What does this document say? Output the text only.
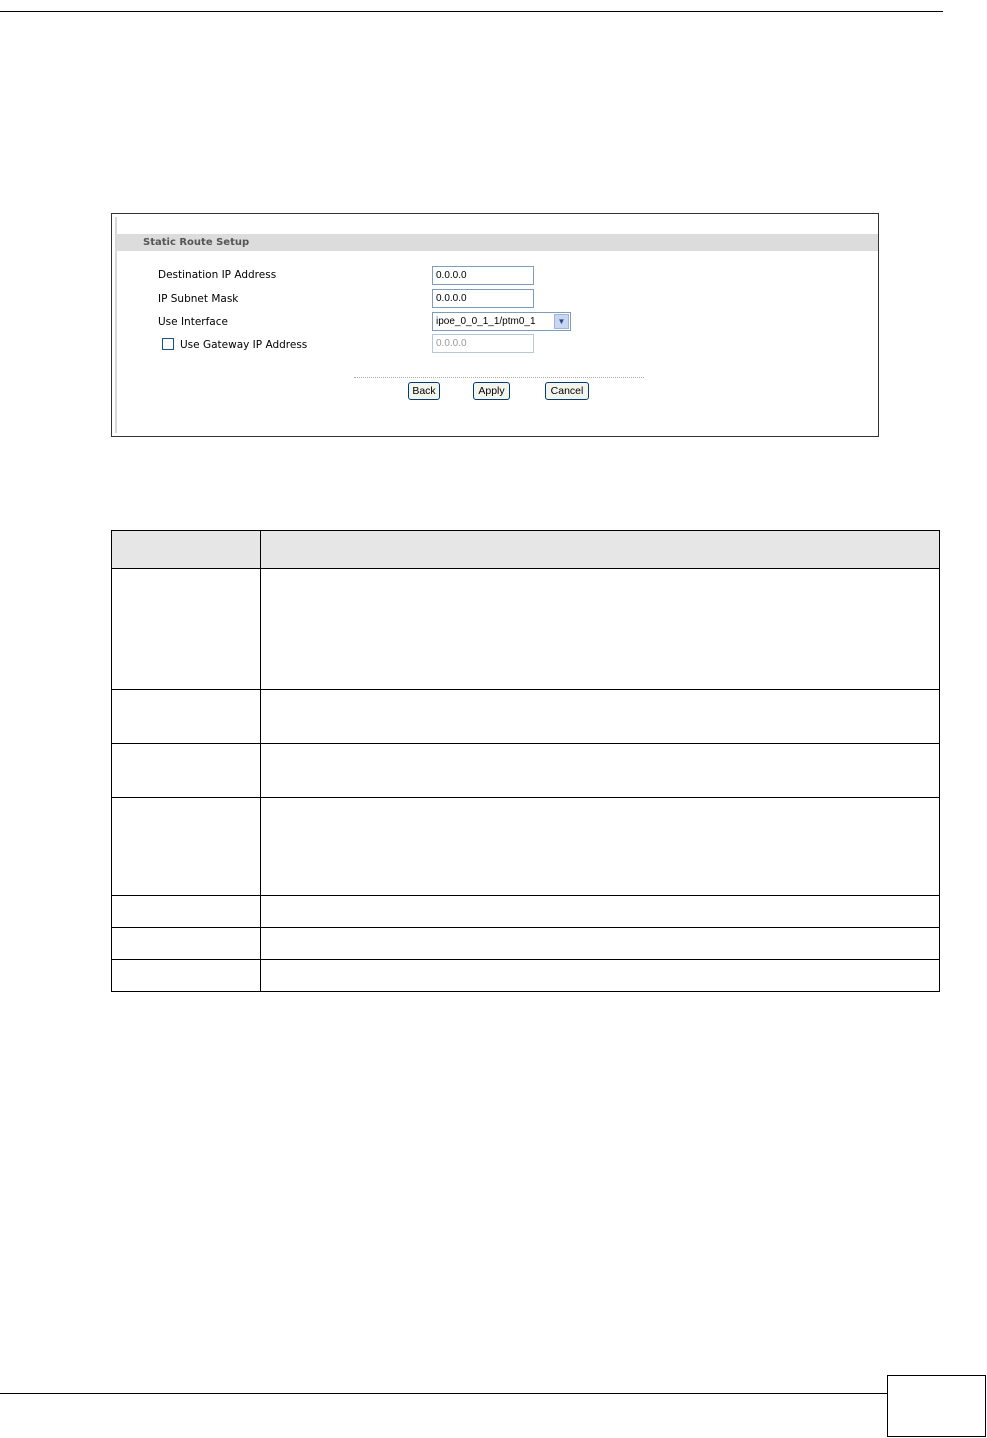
Static Route Setup
Destination IP Address	0.0.0.0
IP Subnet Mask	0.0.0.0
Use Interface	ipoe_0_0_1_1/ptm0_1	▼
Use Gateway IP Address	0.0.0.0
Back	Apply	Cancel
